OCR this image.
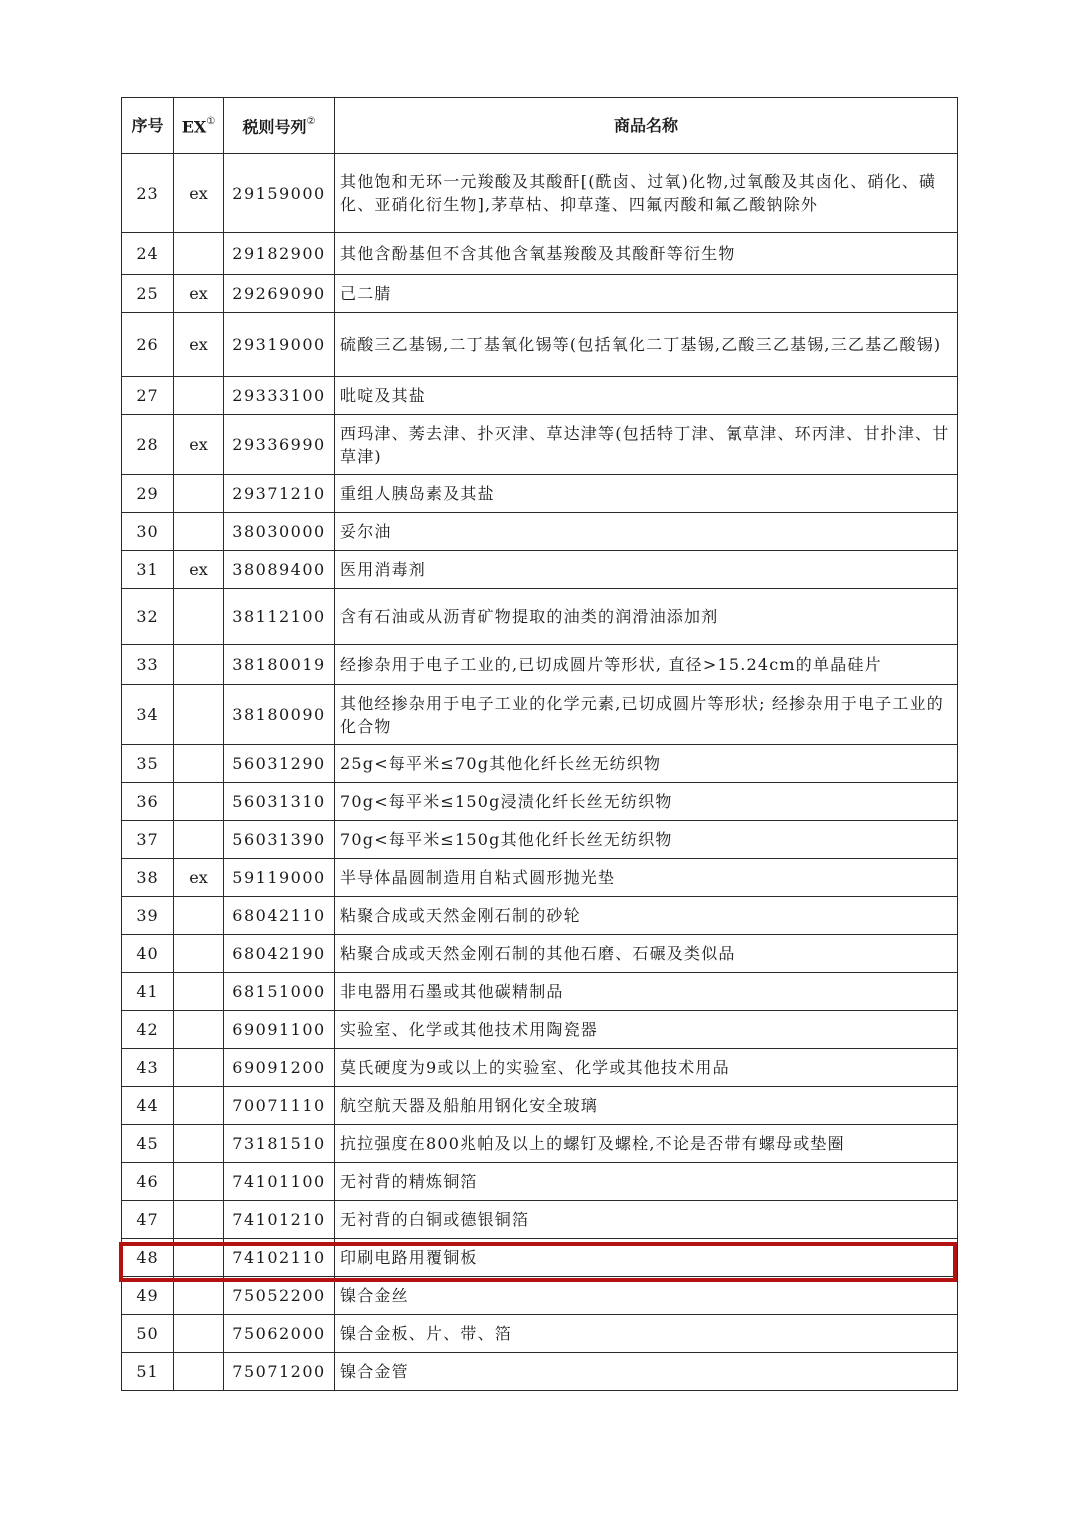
序号	EX①	税则号列②	商品名称
23	ex	29159000	其他饱和无环一元羧酸及其酸酐[(酰卤、过氧)化物,过氧酸及其卤化、硝化、磺化、亚硝化衍生物],茅草枯、抑草蓬、四氟丙酸和氟乙酸钠除外
24		29182900	其他含酚基但不含其他含氧基羧酸及其酸酐等衍生物
25	ex	29269090	己二腈
26	ex	29319000	硫酸三乙基锡,二丁基氧化锡等(包括氧化二丁基锡,乙酸三乙基锡,三乙基乙酸锡)
27		29333100	吡啶及其盐
28	ex	29336990	西玛津、莠去津、扑灭津、草达津等(包括特丁津、氰草津、环丙津、甘扑津、甘草津)
29		29371210	重组人胰岛素及其盐
30		38030000	妥尔油
31	ex	38089400	医用消毒剂
32		38112100	含有石油或从沥青矿物提取的油类的润滑油添加剂
33		38180019	经掺杂用于电子工业的,已切成圆片等形状, 直径>15.24cm的单晶硅片
34		38180090	其他经掺杂用于电子工业的化学元素,已切成圆片等形状; 经掺杂用于电子工业的化合物
35		56031290	25g<每平米≤70g其他化纤长丝无纺织物
36		56031310	70g<每平米≤150g浸渍化纤长丝无纺织物
37		56031390	70g<每平米≤150g其他化纤长丝无纺织物
38	ex	59119000	半导体晶圆制造用自粘式圆形抛光垫
39		68042110	粘聚合成或天然金刚石制的砂轮
40		68042190	粘聚合成或天然金刚石制的其他石磨、石碾及类似品
41		68151000	非电器用石墨或其他碳精制品
42		69091100	实验室、化学或其他技术用陶瓷器
43		69091200	莫氏硬度为9或以上的实验室、化学或其他技术用品
44		70071110	航空航天器及船舶用钢化安全玻璃
45		73181510	抗拉强度在800兆帕及以上的螺钉及螺栓,不论是否带有螺母或垫圈
46		74101100	无衬背的精炼铜箔
47		74101210	无衬背的白铜或德银铜箔
48		74102110	印刷电路用覆铜板
49		75052200	镍合金丝
50		75062000	镍合金板、片、带、箔
51		75071200	镍合金管
